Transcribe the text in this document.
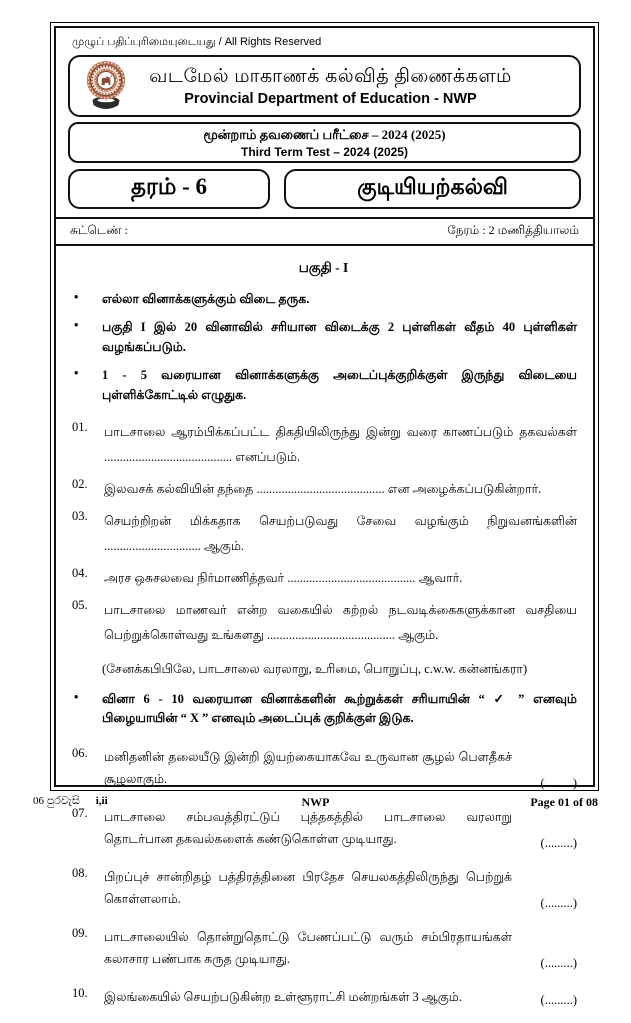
முழுப் பதிப்புரிமையுடையது / All Rights Reserved
வடமேல் மாகாணக் கல்வித் திணைக்களம்
Provincial Department of Education - NWP
மூன்றாம் தவணைப் பரீட்சை – 2024 (2025)
Third Term Test – 2024 (2025)
தரம் - 6	குடியியற்கல்வி
சுட்டெண் :	நேரம் : 2 மணித்தியாலம்
பகுதி - I
•	எல்லா வினாக்களுக்கும் விடை தருக.
•	பகுதி I இல் 20 வினாவில் சரியான விடைக்கு 2 புள்ளிகள் வீதம் 40 புள்ளிகள் வழங்கப்படும்.
•	1 - 5 வரையான வினாக்களுக்கு அடைப்புக்குறிக்குள் இருந்து விடையை புள்ளிக்கோட்டில் எழுதுக.
01.	பாடசாலை ஆரம்பிக்கப்பட்ட திகதியிலிருந்து இன்று வரை காணப்படும் தகவல்கள் ......................................... எனப்படும்.
02.	இலவசக் கல்வியின் தந்தை ......................................... என அழைக்கப்படுகின்றார்.
03.	செயற்றிறன் மிக்கதாக செயற்படுவது சேவை வழங்கும் நிறுவனங்களின் ............................... ஆகும்.
04.	அரச ஒசுசலவை நிர்மாணித்தவர் ......................................... ஆவார்.
05.	பாடசாலை மாணவர் என்ற வகையில் கற்றல் நடவடிக்கைகளுக்கான வசதியை பெற்றுக்கொள்வது உங்களது ......................................... ஆகும்.
(சேனக்கபிபிலே, பாடசாலை வரலாறு, உரிமை, பொறுப்பு, c.w.w. கன்னங்கரா)
•	வினா 6 - 10 வரையான வினாக்களின் கூற்றுக்கள் சரியாயின் “ ✓ ” எனவும் பிழையாயின் “ X ” எனவும் அடைப்புக் குறிக்குள் இடுக.
06.	மனிதனின் தலையீடு இன்றி இயற்கையாகவே உருவான சூழல் பௌதீகச் சூழலாகும்.	(.........)
07.	பாடசாலை சம்பவத்திரட்டுப் புத்தகத்தில் பாடசாலை வரலாறு தொடர்பான தகவல்களைக் கண்டுகொள்ள முடியாது.	(.........)
08.	பிறப்புச் சான்றிதழ் பத்திரத்தினை பிரதேச செயலகத்திலிருந்து பெற்றுக் கொள்ளலாம்.	(.........)
09.	பாடசாலையில் தொன்றுதொட்டு பேணப்பட்டு வரும் சம்பிரதாயங்கள் கலாசார பண்பாக கருத முடியாது.	(.........)
10.	இலங்கையில் செயற்படுகின்ற உள்ளூராட்சி மன்றங்கள் 3 ஆகும்.	(.........)
06 පුරවැසි i,ii	NWP	Page 01 of 08
